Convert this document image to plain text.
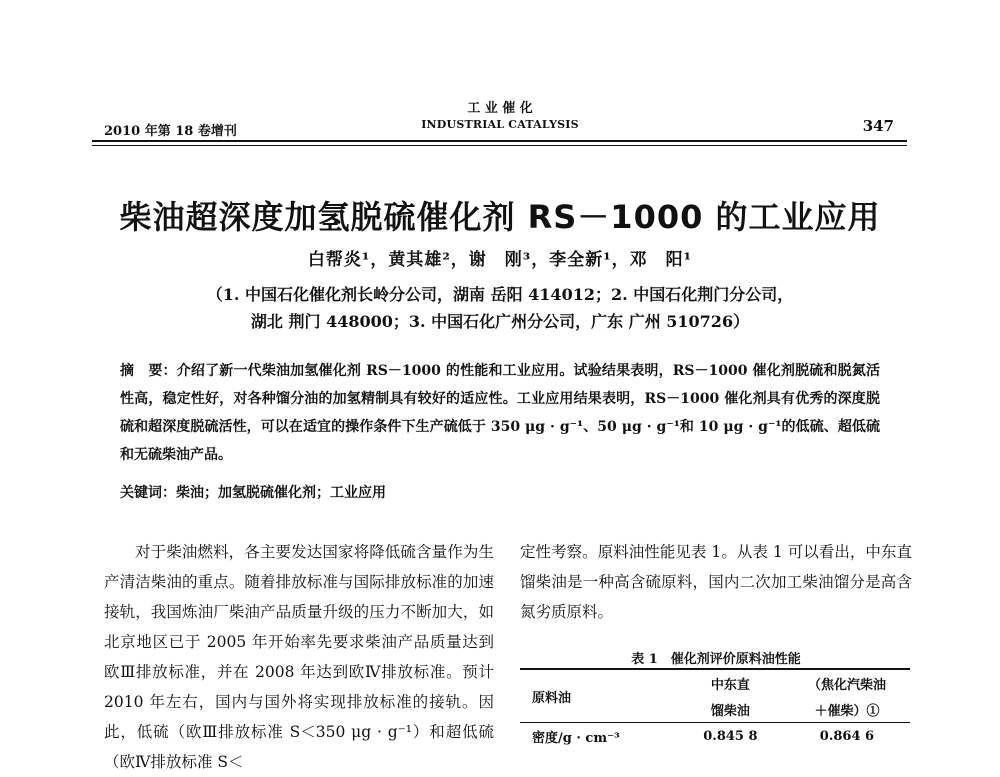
2010 年第 18 卷增刊
工 业 催 化
INDUSTRIAL CATALYSIS	347
柴油超深度加氢脱硫催化剂 RS－1000 的工业应用
白帮炎¹，黄其雄²，谢　刚³，李全新¹，邓　阳¹
（1. 中国石化催化剂长岭分公司，湖南 岳阳 414012；2. 中国石化荆门分公司，
湖北 荆门 448000；3. 中国石化广州分公司，广东 广州 510726）
摘　要：介绍了新一代柴油加氢催化剂 RS－1000 的性能和工业应用。试验结果表明，RS－1000 催化剂脱硫和脱氮活性高，稳定性好，对各种馏分油的加氢精制具有较好的适应性。工业应用结果表明，RS－1000 催化剂具有优秀的深度脱硫和超深度脱硫活性，可以在适宜的操作条件下生产硫低于 350 μg · g⁻¹、50 μg · g⁻¹和 10 μg · g⁻¹的低硫、超低硫和无硫柴油产品。
关键词：柴油；加氢脱硫催化剂；工业应用
对于柴油燃料，各主要发达国家将降低硫含量作为生产清洁柴油的重点。随着排放标准与国际排放标准的加速接轨，我国炼油厂柴油产品质量升级的压力不断加大，如北京地区已于 2005 年开始率先要求柴油产品质量达到欧Ⅲ排放标准，并在 2008 年达到欧Ⅳ排放标准。预计 2010 年左右，国内与国外将实现排放标准的接轨。因此，低硫（欧Ⅲ排放标准 S＜350 μg · g⁻¹）和超低硫（欧Ⅳ排放标准 S＜
定性考察。原料油性能见表 1。从表 1 可以看出，中东直馏柴油是一种高含硫原料，国内二次加工柴油馏分是高含氮劣质原料。
表 1　催化剂评价原料油性能
原料油	中东直	（焦化汽柴油
	馏柴油	＋催柴）①
密度/g · cm⁻³	0.845 8	0.864 6
